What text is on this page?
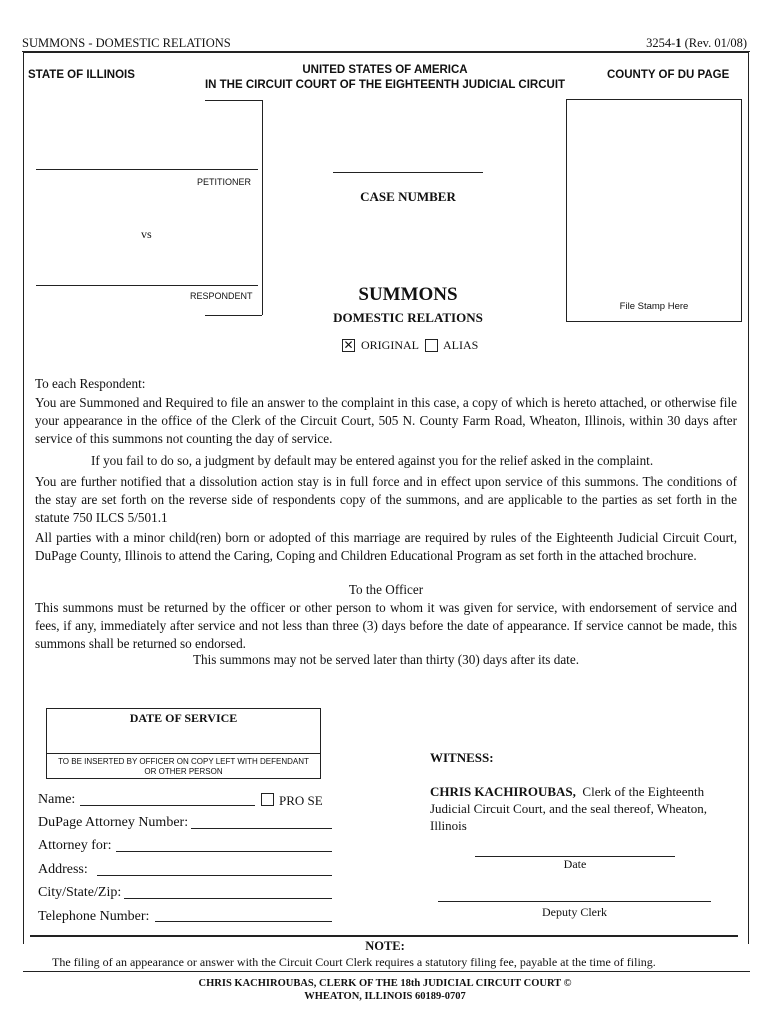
SUMMONS - DOMESTIC RELATIONS	3254-1 (Rev. 01/08)
STATE OF ILLINOIS	UNITED STATES OF AMERICA
IN THE CIRCUIT COURT OF THE EIGHTEENTH JUDICIAL CIRCUIT
COUNTY OF DU PAGE
PETITIONER
vs
RESPONDENT
CASE NUMBER
File Stamp Here
SUMMONS
DOMESTIC RELATIONS
✕ ORIGINAL ALIAS
To each Respondent:
You are Summoned and Required to file an answer to the complaint in this case, a copy of which is hereto attached, or otherwise file your appearance in the office of the Clerk of the Circuit Court, 505 N. County Farm Road, Wheaton, Illinois, within 30 days after service of this summons not counting the day of service.
If you fail to do so, a judgment by default may be entered against you for the relief asked in the complaint.
You are further notified that a dissolution action stay is in full force and in effect upon service of this summons. The conditions of the stay are set forth on the reverse side of respondents copy of the summons, and are applicable to the parties as set forth in the statute 750 ILCS 5/501.1
All parties with a minor child(ren) born or adopted of this marriage are required by rules of the Eighteenth Judicial Circuit Court, DuPage County, Illinois to attend the Caring, Coping and Children Educational Program as set forth in the attached brochure.
To the Officer
This summons must be returned by the officer or other person to whom it was given for service, with endorsement of service and fees, if any, immediately after service and not less than three (3) days before the date of appearance. If service cannot be made, this summons shall be returned so endorsed.
This summons may not be served later than thirty (30) days after its date.
DATE OF SERVICE
TO BE INSERTED BY OFFICER ON COPY LEFT WITH DEFENDANT
OR OTHER PERSON
Name:	PRO SE
DuPage Attorney Number:
Attorney for:
Address:
City/State/Zip:
Telephone Number:
WITNESS:
CHRIS KACHIROUBAS, Clerk of the Eighteenth
Judicial Circuit Court, and the seal thereof, Wheaton,
Illinois
Date
Deputy Clerk
NOTE:
The filing of an appearance or answer with the Circuit Court Clerk requires a statutory filing fee, payable at the time of filing.
CHRIS KACHIROUBAS, CLERK OF THE 18th JUDICIAL CIRCUIT COURT ©
WHEATON, ILLINOIS 60189-0707
